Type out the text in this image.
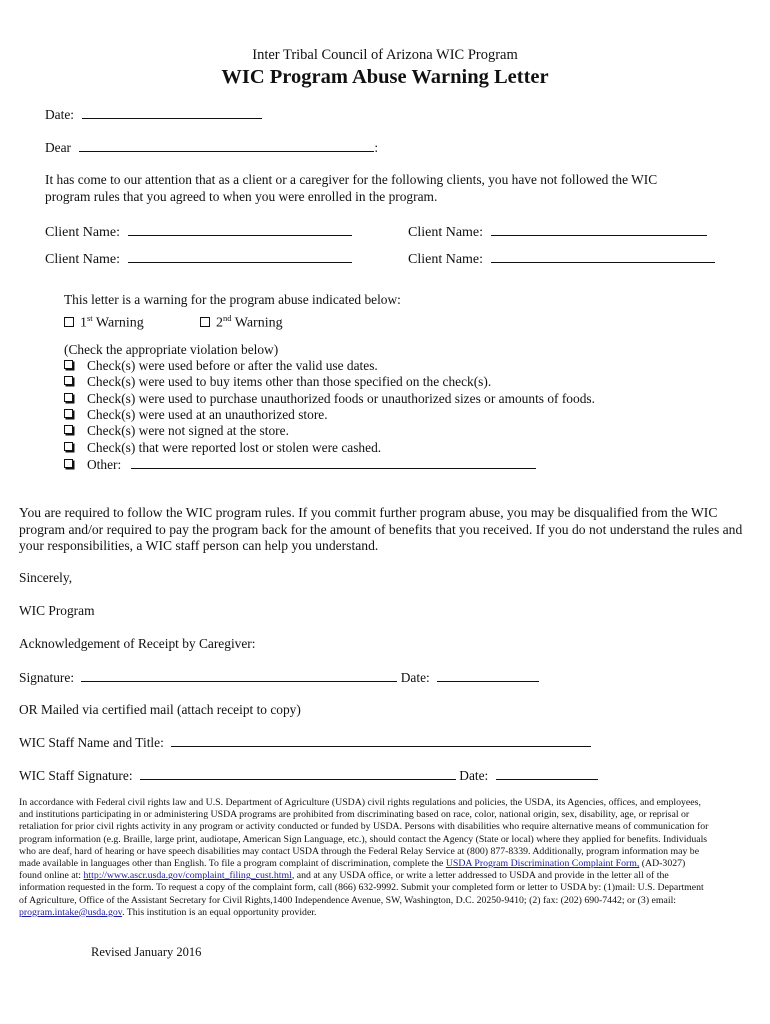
Inter Tribal Council of Arizona WIC Program
WIC Program Abuse Warning Letter
Date:
Dear	:
It has come to our attention that as a client or a caregiver for the following clients, you have not followed the WIC program rules that you agreed to when you were enrolled in the program.
Client Name:	Client Name:
Client Name:	Client Name:
This letter is a warning for the program abuse indicated below:
1st Warning	2nd Warning
(Check the appropriate violation below)
Check(s) were used before or after the valid use dates.
Check(s) were used to buy items other than those specified on the check(s).
Check(s) were used to purchase unauthorized foods or unauthorized sizes or amounts of foods.
Check(s) were used at an unauthorized store.
Check(s) were not signed at the store.
Check(s) that were reported lost or stolen were cashed.
Other:
You are required to follow the WIC program rules. If you commit further program abuse, you may be disqualified from the WIC program and/or required to pay the program back for the amount of benefits that you received. If you do not understand the rules and your responsibilities, a WIC staff person can help you understand.
Sincerely,
WIC Program
Acknowledgement of Receipt by Caregiver:
Signature:	Date:
OR Mailed via certified mail (attach receipt to copy)
WIC Staff Name and Title:
WIC Staff Signature:	Date:
In accordance with Federal civil rights law and U.S. Department of Agriculture (USDA) civil rights regulations and policies, the USDA, its Agencies, offices, and employees, and institutions participating in or administering USDA programs are prohibited from discriminating based on race, color, national origin, sex, disability, age, or reprisal or retaliation for prior civil rights activity in any program or activity conducted or funded by USDA. Persons with disabilities who require alternative means of communication for program information (e.g. Braille, large print, audiotape, American Sign Language, etc.), should contact the Agency (State or local) where they applied for benefits. Individuals who are deaf, hard of hearing or have speech disabilities may contact USDA through the Federal Relay Service at (800) 877-8339. Additionally, program information may be made available in languages other than English. To file a program complaint of discrimination, complete the USDA Program Discrimination Complaint Form, (AD-3027) found online at: http://www.ascr.usda.gov/complaint_filing_cust.html, and at any USDA office, or write a letter addressed to USDA and provide in the letter all of the information requested in the form. To request a copy of the complaint form, call (866) 632-9992. Submit your completed form or letter to USDA by: (1)mail: U.S. Department of Agriculture, Office of the Assistant Secretary for Civil Rights,1400 Independence Avenue, SW, Washington, D.C. 20250-9410; (2) fax: (202) 690-7442; or (3) email: program.intake@usda.gov. This institution is an equal opportunity provider.
Revised January 2016
